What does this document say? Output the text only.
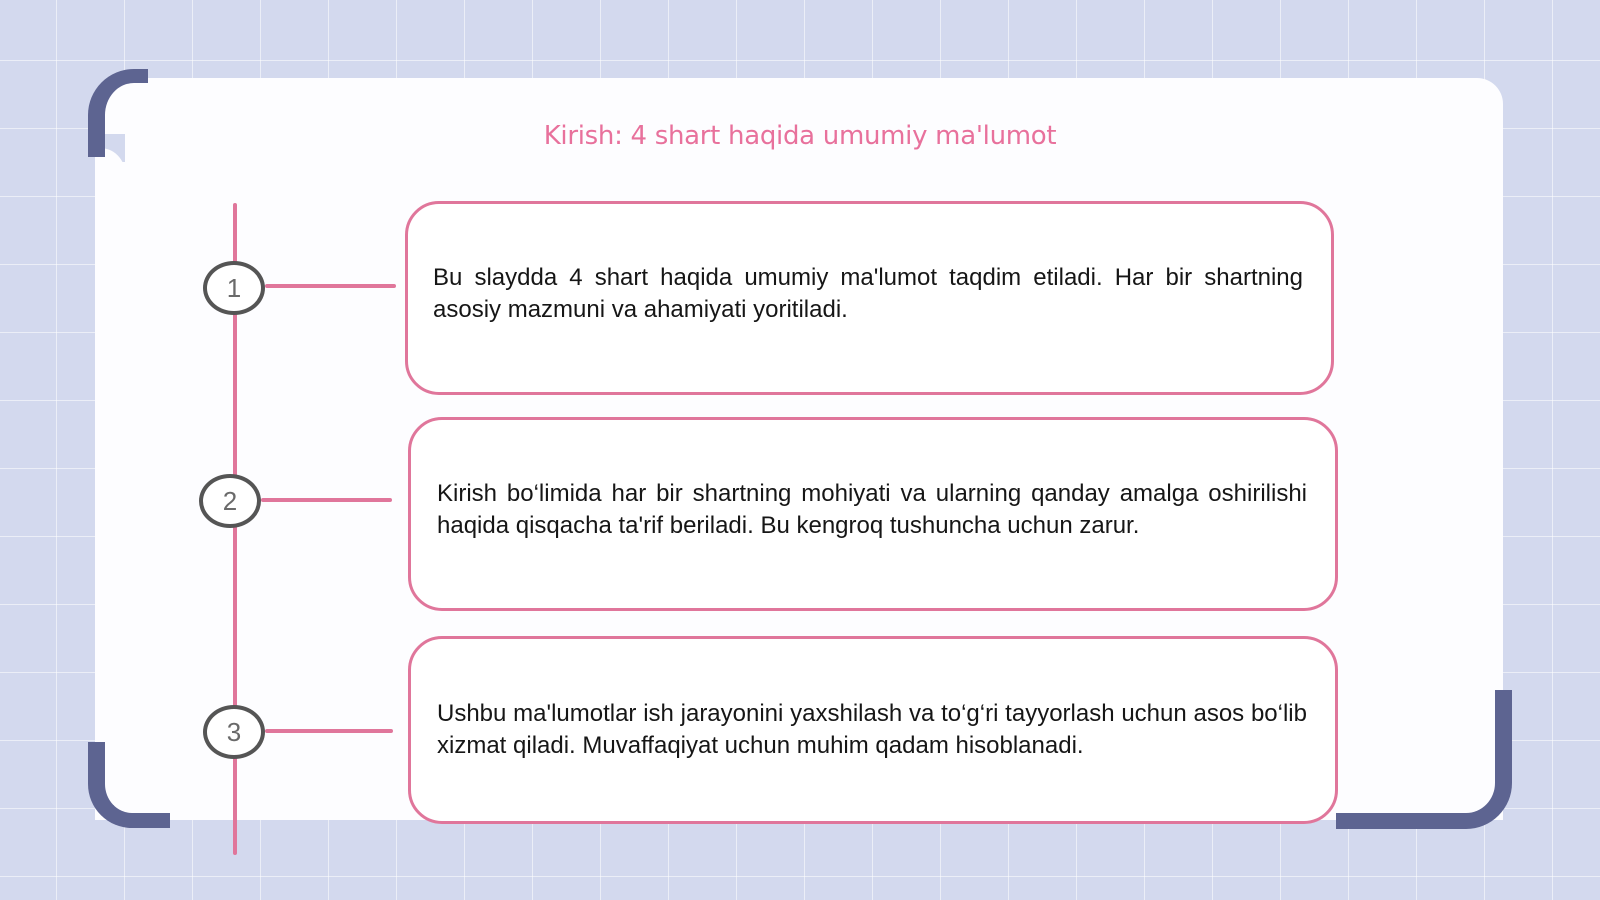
Kirish: 4 shart haqida umumiy ma'lumot
1
2
3

Bu slaydda 4 shart haqida umumiy ma'lumot taqdim etiladi. Har bir shartning asosiy mazmuni va ahamiyati yoritiladi.

Kirish bo‘limida har bir shartning mohiyati va ularning qanday amalga oshirilishi haqida qisqacha ta'rif beriladi. Bu kengroq tushuncha uchun zarur.

Ushbu ma'lumotlar ish jarayonini yaxshilash va to‘g‘ri tayyorlash uchun asos bo‘lib xizmat qiladi. Muvaffaqiyat uchun muhim qadam hisoblanadi.
